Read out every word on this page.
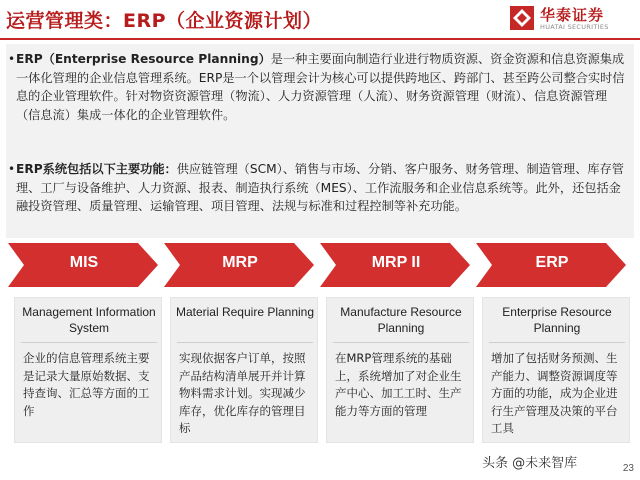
运营管理类：ERP（企业资源计划）	华泰证券
HUATAI SECURITIES
• ERP（Enterprise Resource Planning）是一种主要面向制造行业进行物质资源、资金资源和信息资源集成一体化管理的企业信息管理系统。ERP是一个以管理会计为核心可以提供跨地区、跨部门、甚至跨公司整合实时信息的企业管理软件。针对物资资源管理（物流）、人力资源管理（人流）、财务资源管理（财流）、信息资源管理（信息流）集成一体化的企业管理软件。
• ERP系统包括以下主要功能：供应链管理（SCM）、销售与市场、分销、客户服务、财务管理、制造管理、库存管理、工厂与设备维护、人力资源、报表、制造执行系统（MES）、工作流服务和企业信息系统等。此外，还包括金融投资管理、质量管理、运输管理、项目管理、法规与标准和过程控制等补充功能。
MIS	MRP	MRP II	ERP
Management Information System
企业的信息管理系统主要是记录大量原始数据、支持查询、汇总等方面的工作
Material Require Planning
实现依据客户订单，按照产品结构清单展开并计算物料需求计划。实现减少库存，优化库存的管理目标
Manufacture Resource Planning
在MRP管理系统的基础上，系统增加了对企业生产中心、加工工时、生产能力等方面的管理
Enterprise Resource Planning
增加了包括财务预测、生产能力、调整资源调度等方面的功能，成为企业进行生产管理及决策的平台工具
头条 @未来智库	23
